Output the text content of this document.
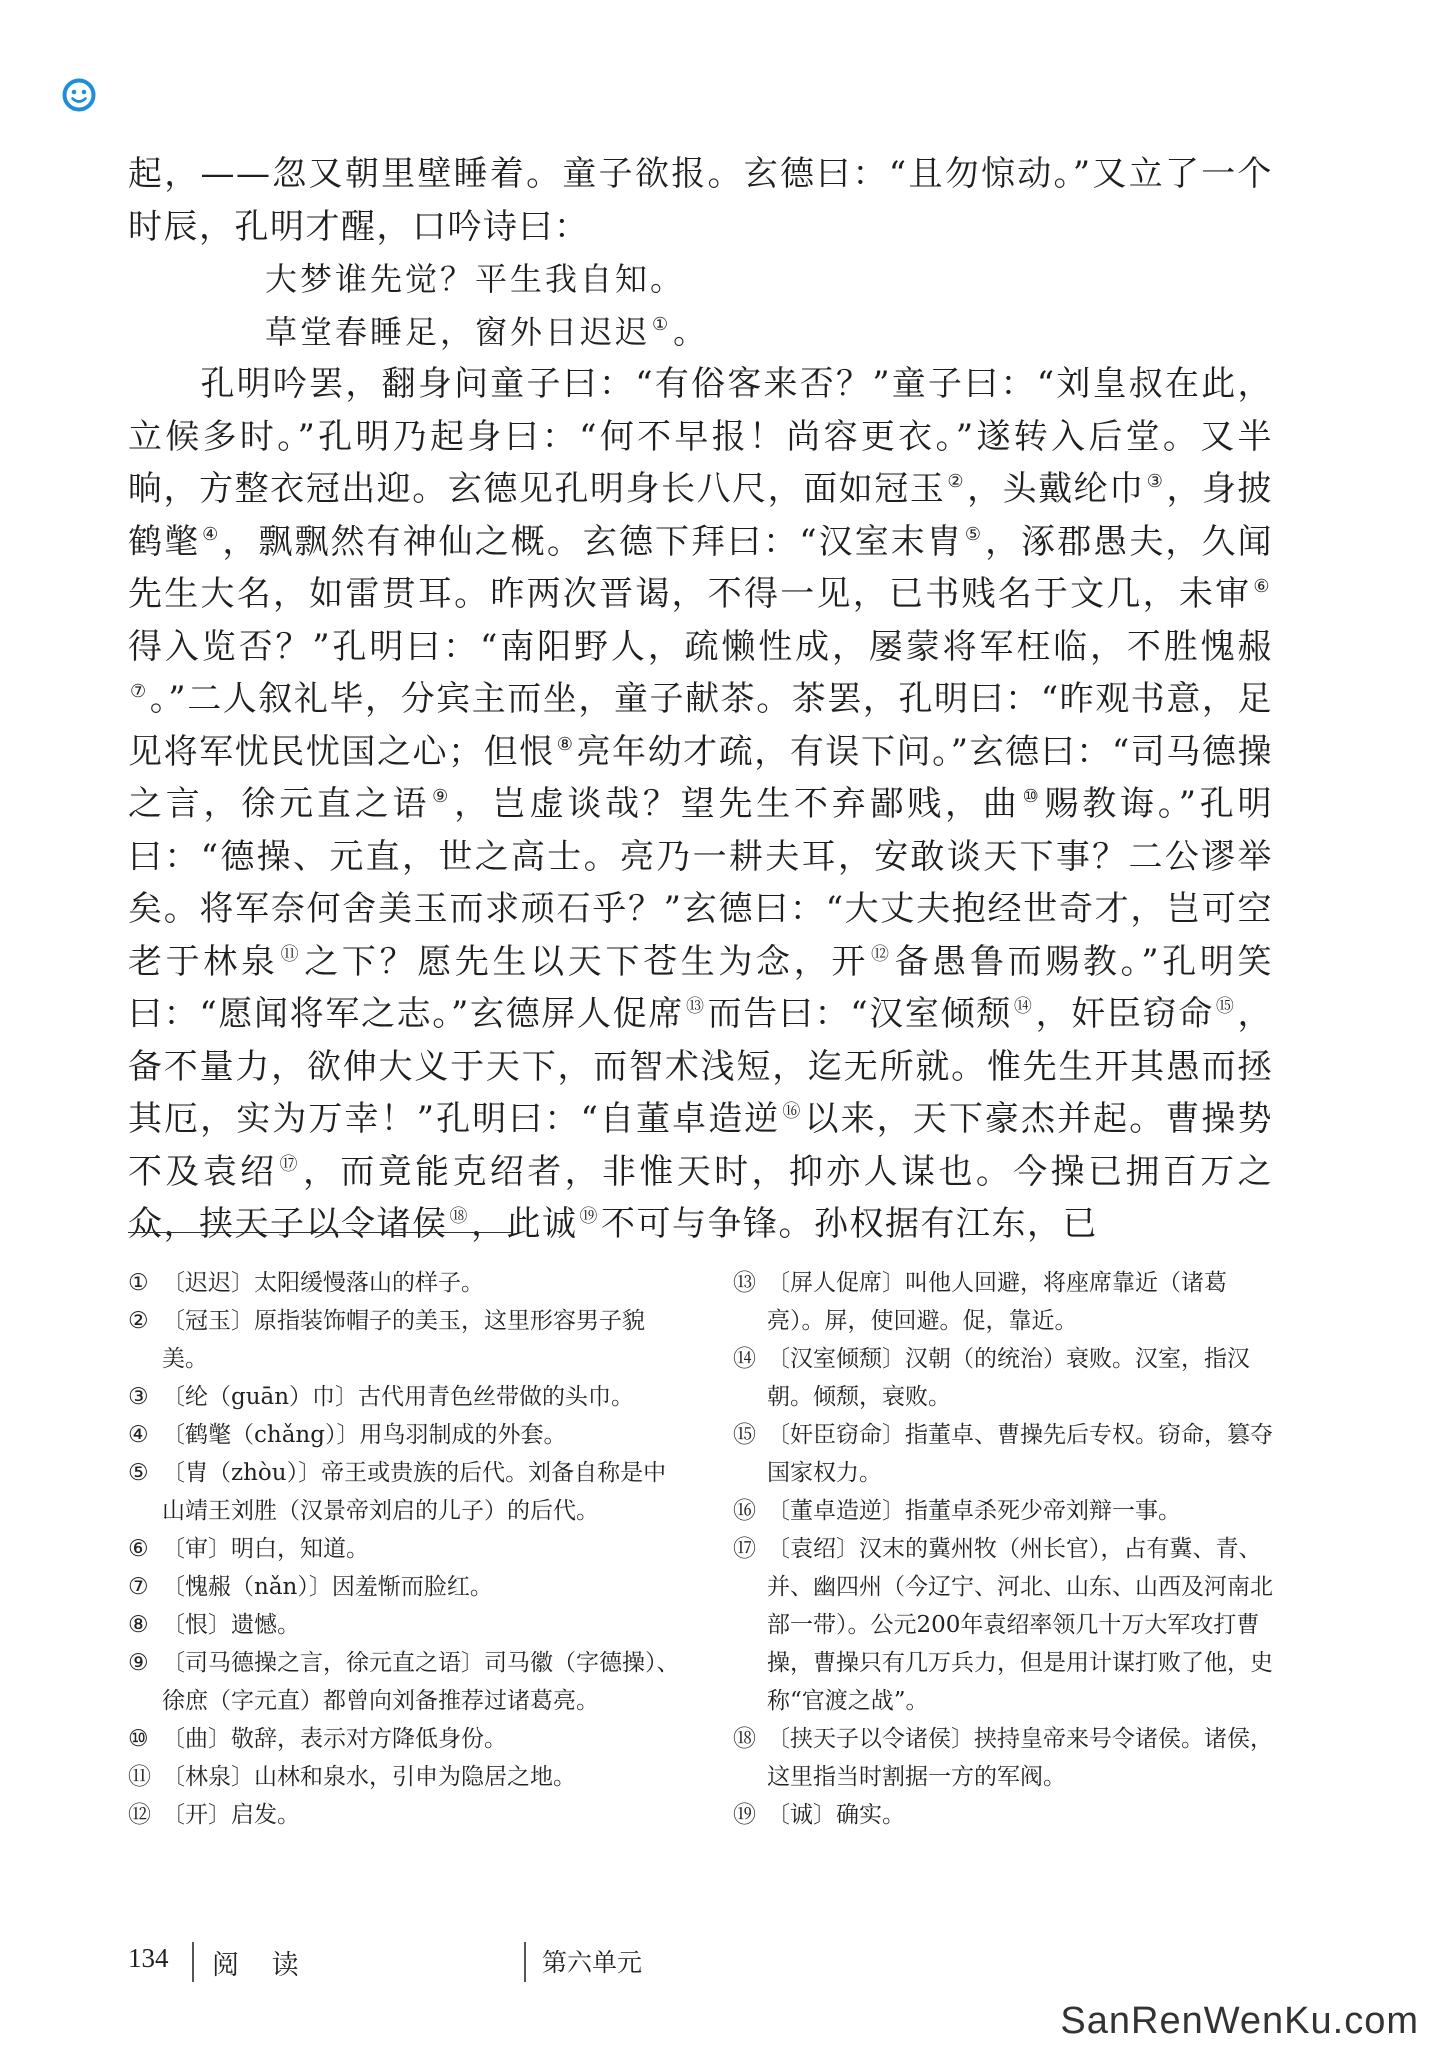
起，——忽又朝里壁睡着。童子欲报。玄德曰：“且勿惊动。”又立了一个时辰，孔明才醒，口吟诗曰：

大梦谁先觉？平生我自知。

草堂春睡足，窗外日迟迟 ①。

　　孔明吟罢，翻身问童子曰：“有俗客来否？”童子曰：“刘皇叔在此，立候多时。”孔明乃起身曰：“何不早报！尚容更衣。”遂转入后堂。又半晌，方整衣冠出迎。玄德见孔明身长八尺，面如冠玉 ②，头戴纶巾 ③，身披鹤氅 ④，飘飘然有神仙之概。玄德下拜曰：“汉室末胄 ⑤，涿郡愚夫，久闻先生大名，如雷贯耳。昨两次晋谒，不得一见，已书贱名于文几，未审 ⑥得入览否？”孔明曰：“南阳野人，疏懒性成，屡蒙将军枉临，不胜愧赧⑦。”二人叙礼毕，分宾主而坐，童子献茶。茶罢，孔明曰：“昨观书意，足见将军忧民忧国之心；但恨 ⑧亮年幼才疏，有误下问。”玄德曰：“司马德操之言，徐元直之语 ⑨，岂虚谈哉？望先生不弃鄙贱，曲 ⑩赐教诲。”孔明曰：“德操、元直，世之高士。亮乃一耕夫耳，安敢谈天下事？二公谬举矣。将军奈何舍美玉而求顽石乎？”玄德曰：“大丈夫抱经世奇才，岂可空老于林泉 ⑪之下？愿先生以天下苍生为念，开 ⑫备愚鲁而赐教。”孔明笑曰：“愿闻将军之志。”玄德屏人促席 ⑬而告曰：“汉室倾颓 ⑭，奸臣窃命 ⑮，备不量力，欲伸大义于天下，而智术浅短，迄无所就。惟先生开其愚而拯其厄，实为万幸！”孔明曰：“自董卓造逆 ⑯以来，天下豪杰并起。曹操势不及袁绍 ⑰，而竟能克绍者，非惟天时，抑亦人谋也。今操已拥百万之众，挟天子以令诸侯 ⑱，此诚 ⑲不可与争锋。孙权据有江东，已

① 〔迟迟〕太阳缓慢落山的样子。

② 〔冠玉〕原指装饰帽子的美玉，这里形容男子貌美。

③ 〔纶（guān）巾〕古代用青色丝带做的头巾。

④ 〔鹤氅（chǎng）〕用鸟羽制成的外套。

⑤ 〔胄（zhòu）〕帝王或贵族的后代。刘备自称是中山靖王刘胜（汉景帝刘启的儿子）的后代。

⑥ 〔审〕明白，知道。

⑦ 〔愧赧（nǎn）〕因羞惭而脸红。

⑧ 〔恨〕遗憾。

⑨ 〔司马德操之言，徐元直之语〕司马徽（字德操）、徐庶（字元直）都曾向刘备推荐过诸葛亮。

⑩ 〔曲〕敬辞，表示对方降低身份。

⑪ 〔林泉〕山林和泉水，引申为隐居之地。

⑫ 〔开〕启发。

⑬ 〔屏人促席〕叫他人回避，将座席靠近（诸葛亮）。屏，使回避。促，靠近。

⑭ 〔汉室倾颓〕汉朝（的统治）衰败。汉室，指汉朝。倾颓，衰败。

⑮ 〔奸臣窃命〕指董卓、曹操先后专权。窃命，篡夺国家权力。

⑯ 〔董卓造逆〕指董卓杀死少帝刘辩一事。

⑰ 〔袁绍〕汉末的冀州牧（州长官），占有冀、青、并、幽四州（今辽宁、河北、山东、山西及河南北部一带）。公元200年袁绍率领几十万大军攻打曹操，曹操只有几万兵力，但是用计谋打败了他，史称“官渡之战”。

⑱ 〔挟天子以令诸侯〕挟持皇帝来号令诸侯。诸侯，这里指当时割据一方的军阀。

⑲ 〔诚〕确实。

134 阅 读	第六单元
SanRenWenKu.com
